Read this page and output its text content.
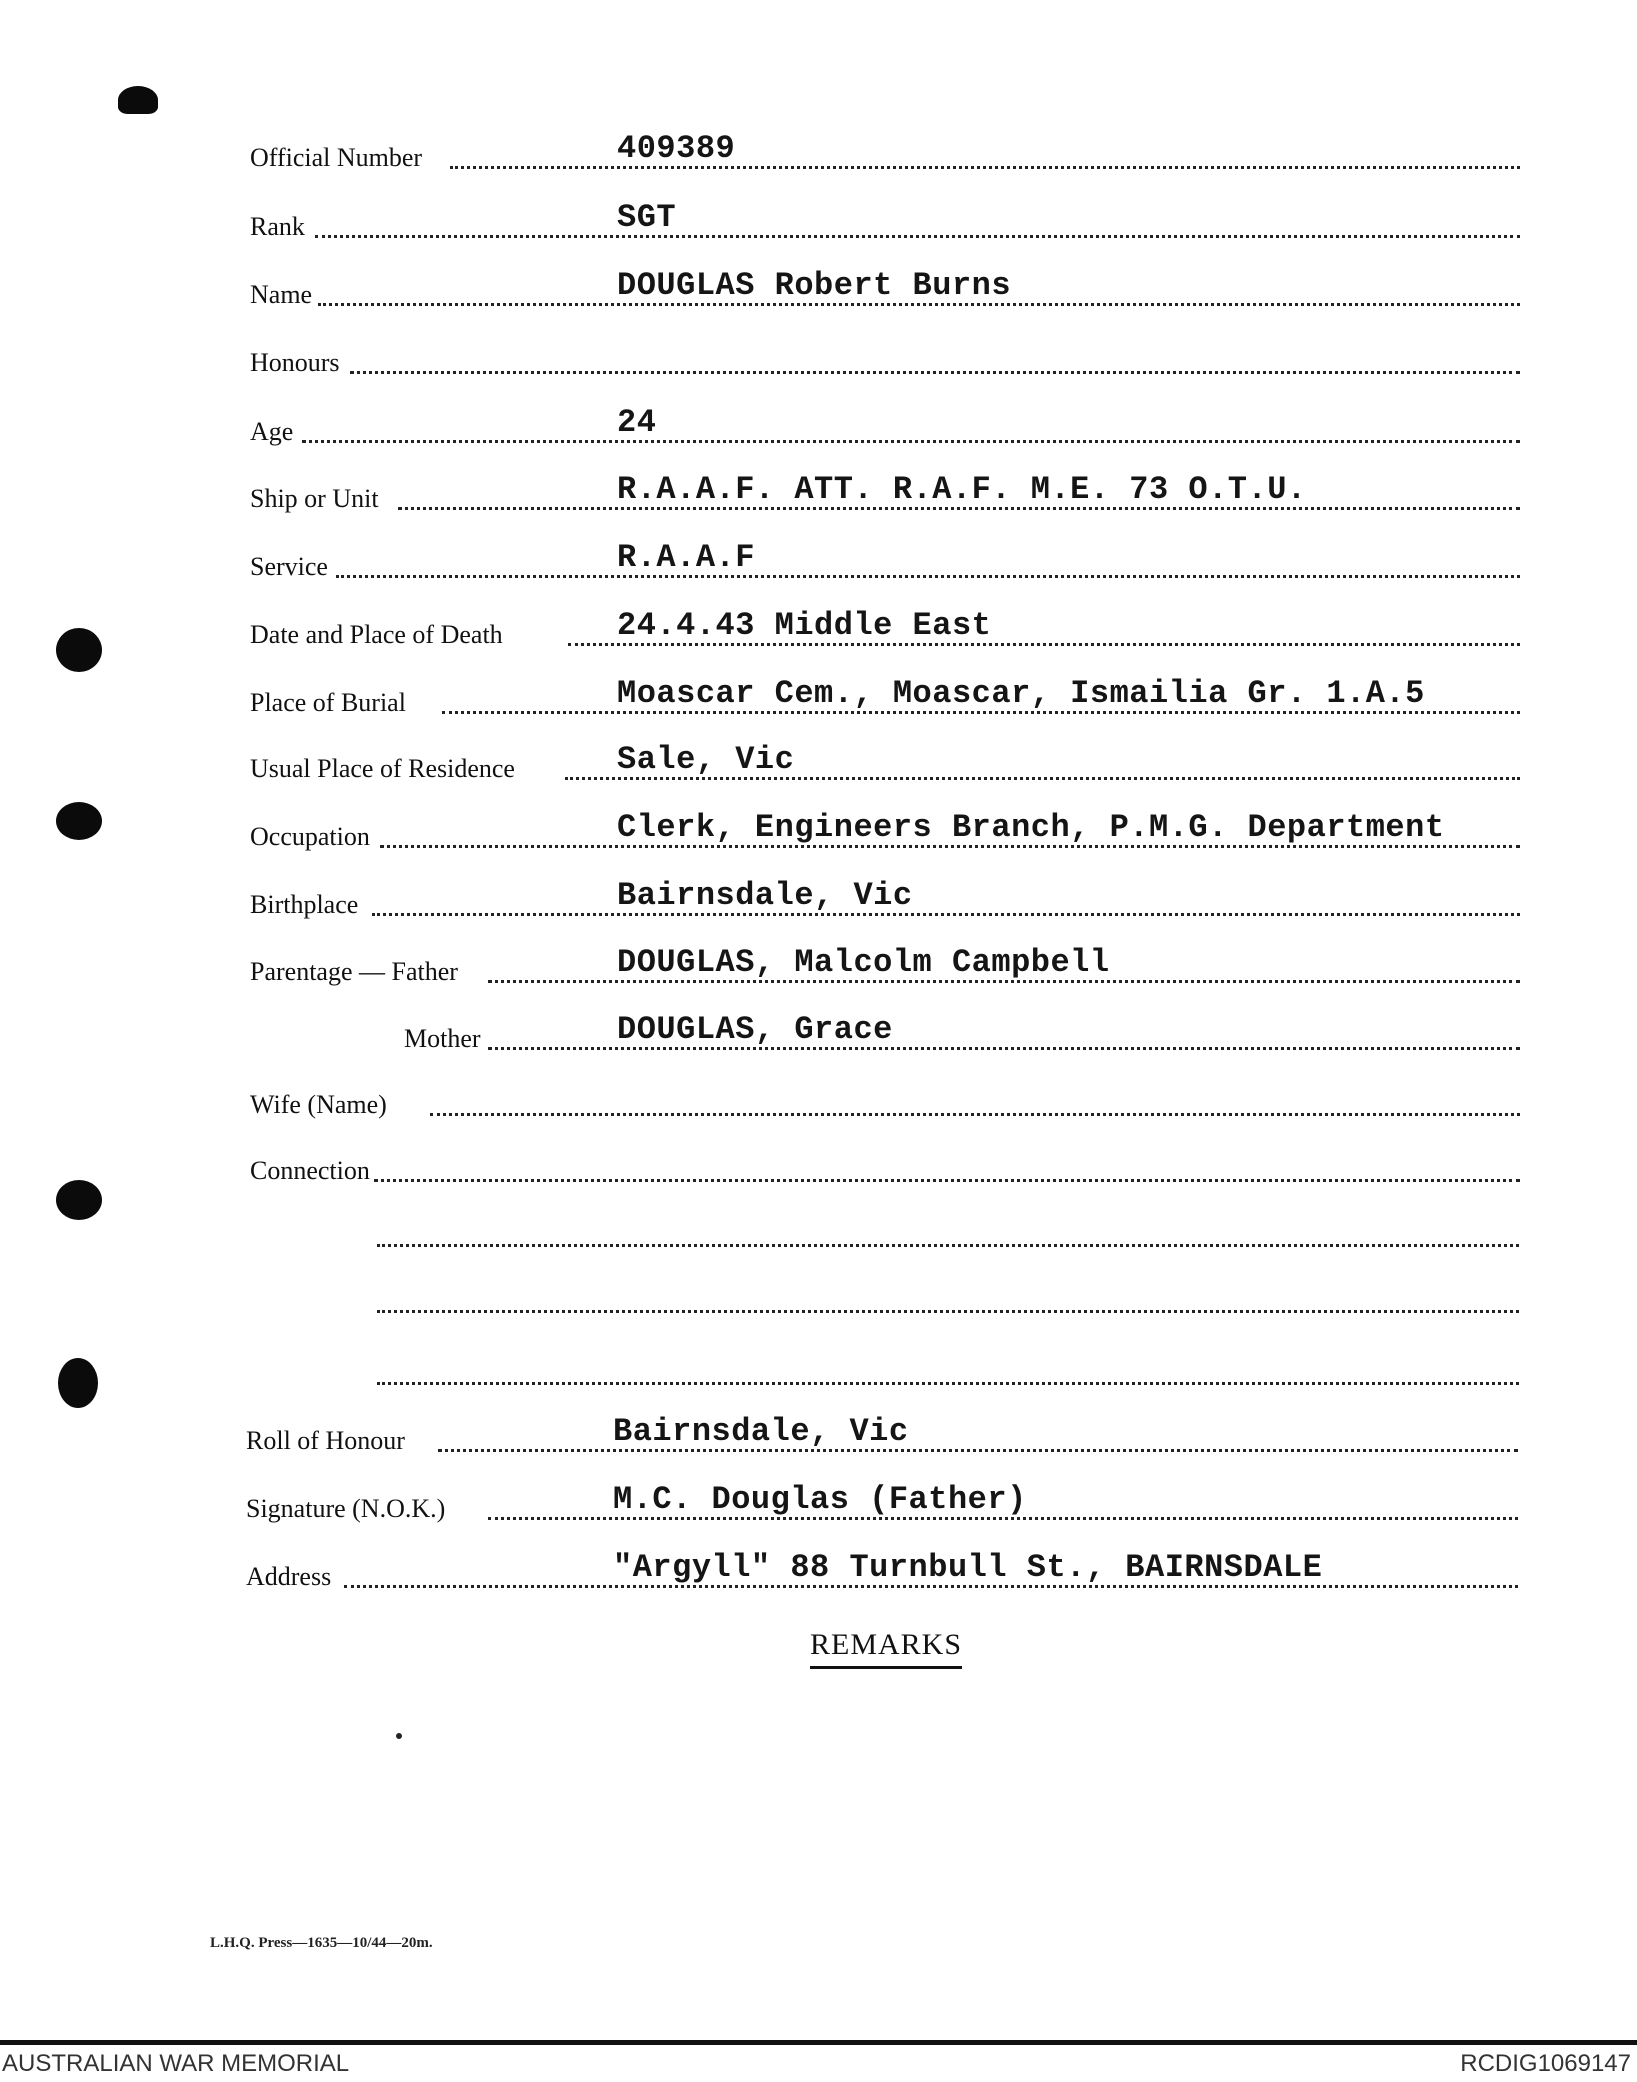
Official Number	409389
Rank	SGT
Name	DOUGLAS Robert Burns
Honours
Age	24
Ship or Unit	R.A.A.F. ATT. R.A.F. M.E. 73 O.T.U.
Service	R.A.A.F
Date and Place of Death	24.4.43 Middle East
Place of Burial	Moascar Cem., Moascar, Ismailia Gr. 1.A.5
Usual Place of Residence	Sale, Vic
Occupation	Clerk, Engineers Branch, P.M.G. Department
Birthplace	Bairnsdale, Vic
Parentage — Father	DOUGLAS, Malcolm Campbell
Mother	DOUGLAS, Grace
Wife (Name)
Connection
Roll of Honour	Bairnsdale, Vic
Signature (N.O.K.)	M.C. Douglas (Father)
Address	"Argyll" 88 Turnbull St., BAIRNSDALE
REMARKS
L.H.Q. Press—1635—10/44—20m.
AUSTRALIAN WAR MEMORIAL	RCDIG1069147
